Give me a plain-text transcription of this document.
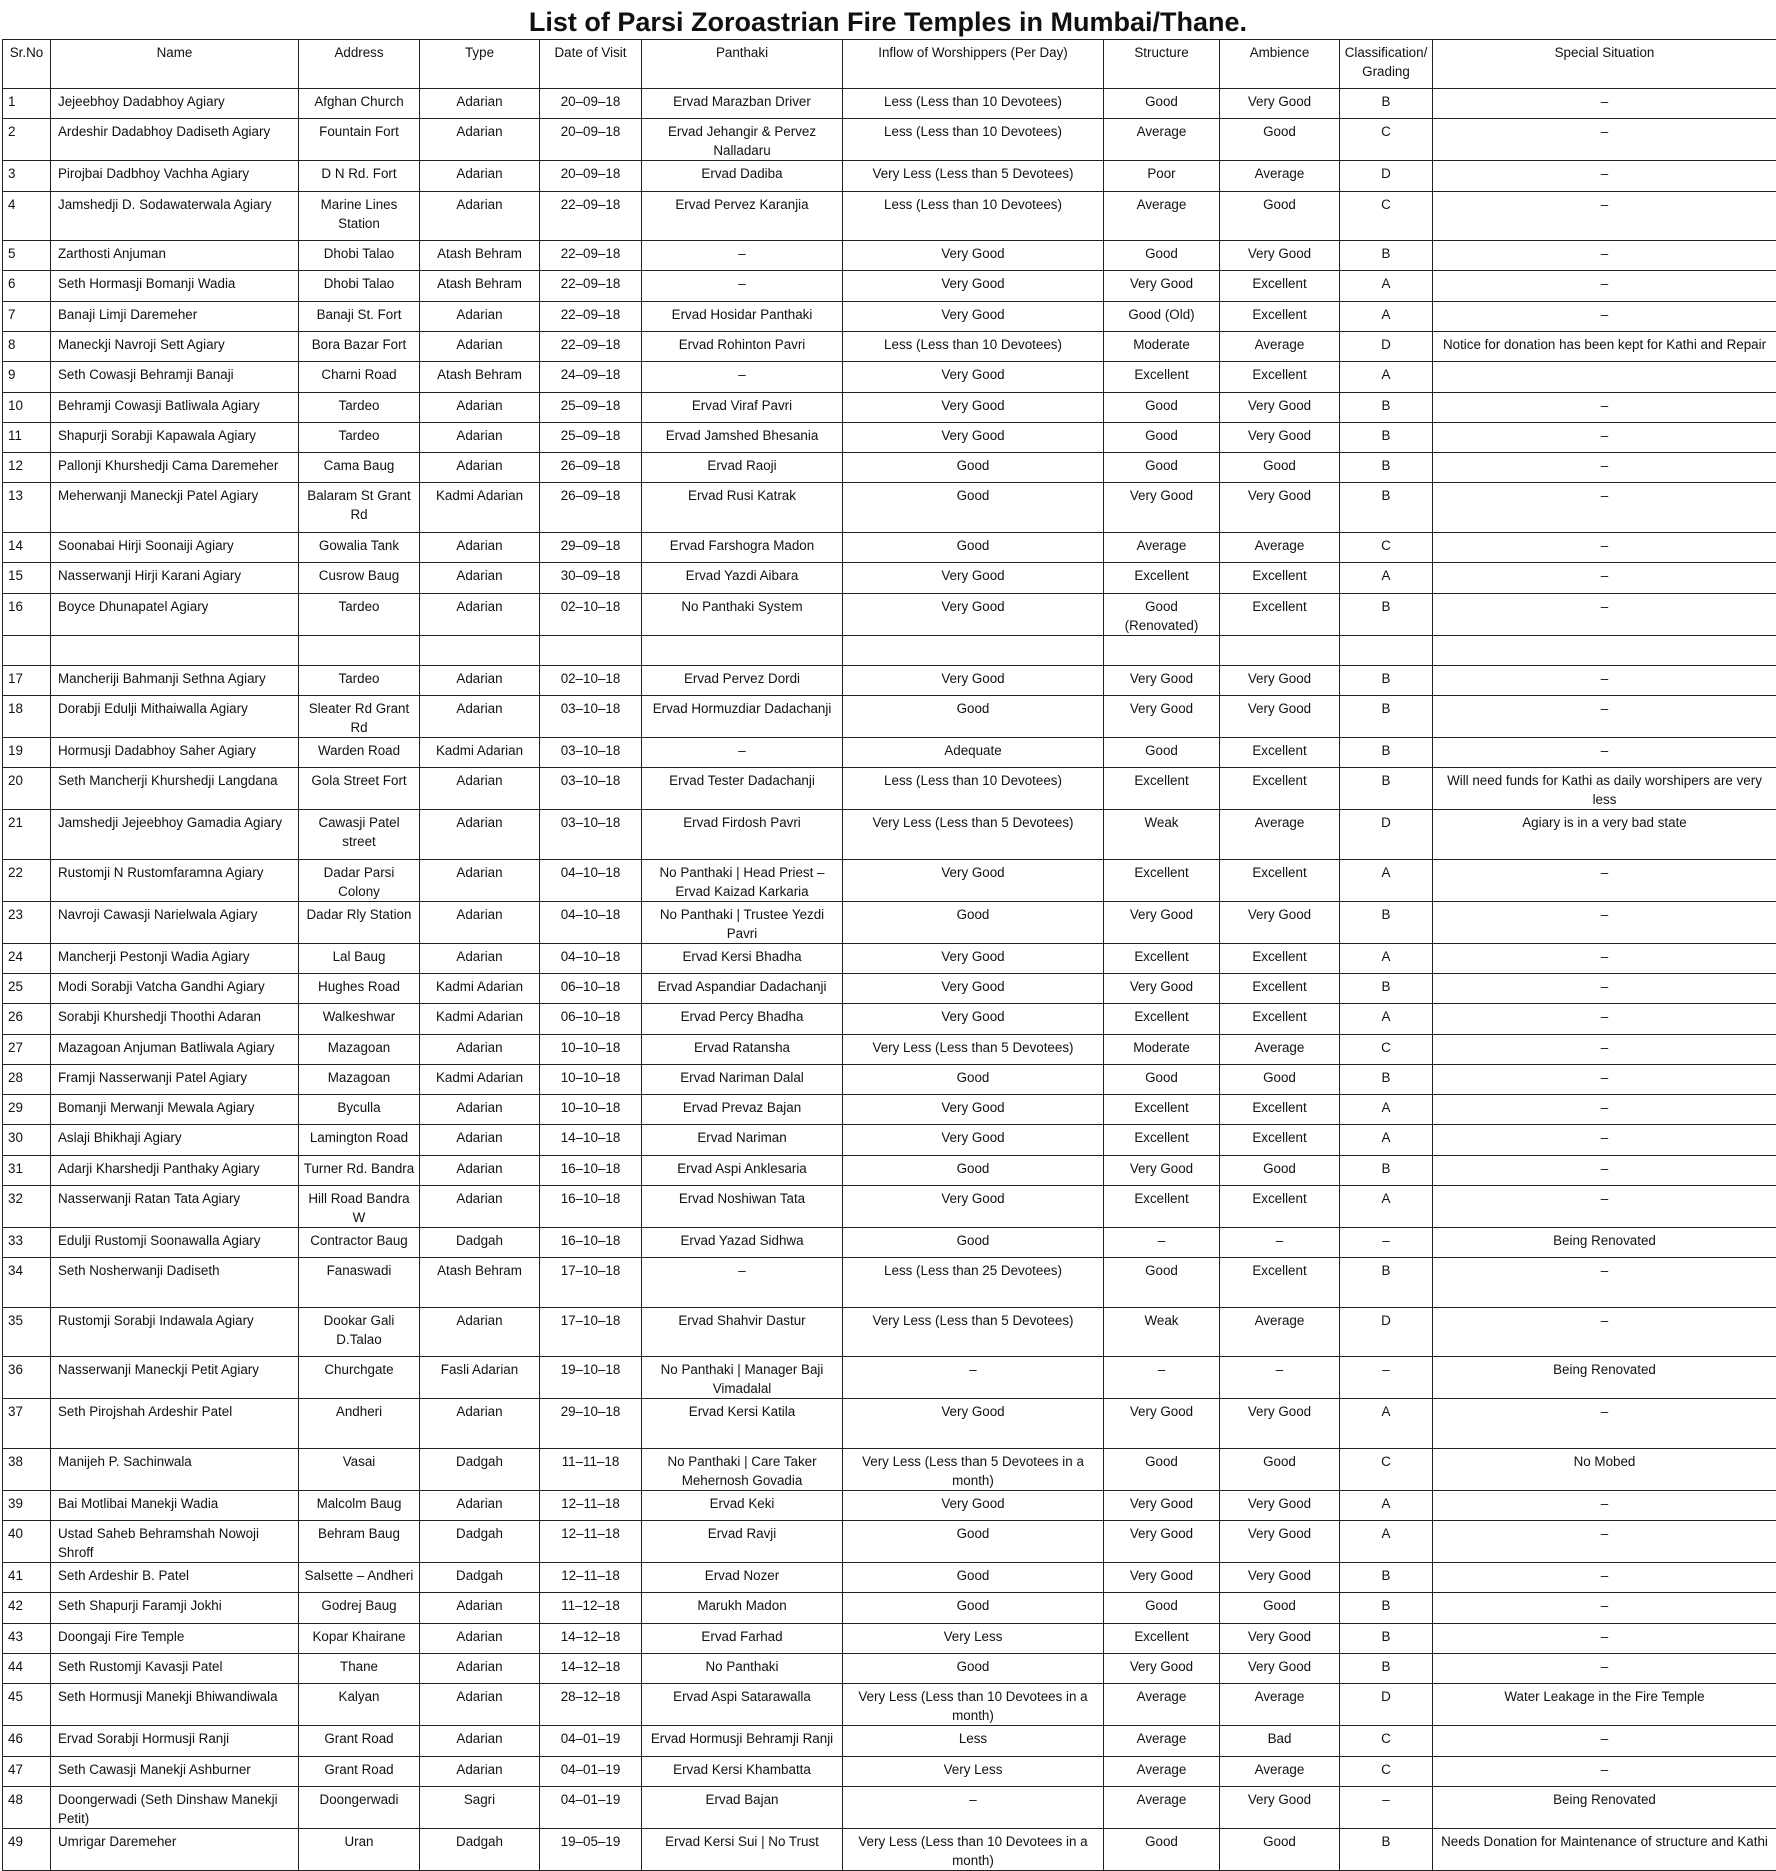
List of Parsi Zoroastrian Fire Temples in Mumbai/Thane.
Sr.No	Name	Address	Type	Date of Visit	Panthaki	Inflow of Worshippers (Per Day)	Structure	Ambience	Classification/ Grading	Special Situation
1	Jejeebhoy Dadabhoy Agiary	Afghan Church	Adarian	20–09–18	Ervad Marazban Driver	Less (Less than 10 Devotees)	Good	Very Good	B	–
2	Ardeshir Dadabhoy Dadiseth Agiary	Fountain Fort	Adarian	20–09–18	Ervad Jehangir & Pervez Nalladaru	Less (Less than 10 Devotees)	Average	Good	C	–
3	Pirojbai Dadbhoy Vachha Agiary	D N Rd. Fort	Adarian	20–09–18	Ervad Dadiba	Very Less (Less than 5 Devotees)	Poor	Average	D	–
4	Jamshedji D. Sodawaterwala Agiary	Marine Lines Station	Adarian	22–09–18	Ervad Pervez Karanjia	Less (Less than 10 Devotees)	Average	Good	C	–
5	Zarthosti Anjuman	Dhobi Talao	Atash Behram	22–09–18	–	Very Good	Good	Very Good	B	–
6	Seth Hormasji Bomanji Wadia	Dhobi Talao	Atash Behram	22–09–18	–	Very Good	Very Good	Excellent	A	–
7	Banaji Limji Daremeher	Banaji St. Fort	Adarian	22–09–18	Ervad Hosidar Panthaki	Very Good	Good (Old)	Excellent	A	–
8	Maneckji Navroji Sett Agiary	Bora Bazar Fort	Adarian	22–09–18	Ervad Rohinton Pavri	Less (Less than 10 Devotees)	Moderate	Average	D	Notice for donation has been kept for Kathi and Repair
9	Seth Cowasji Behramji Banaji	Charni Road	Atash Behram	24–09–18	–	Very Good	Excellent	Excellent	A	
10	Behramji Cowasji Batliwala Agiary	Tardeo	Adarian	25–09–18	Ervad Viraf Pavri	Very Good	Good	Very Good	B	–
11	Shapurji Sorabji Kapawala Agiary	Tardeo	Adarian	25–09–18	Ervad Jamshed Bhesania	Very Good	Good	Very Good	B	–
12	Pallonji Khurshedji Cama Daremeher	Cama Baug	Adarian	26–09–18	Ervad Raoji	Good	Good	Good	B	–
13	Meherwanji Maneckji Patel Agiary	Balaram St Grant Rd	Kadmi Adarian	26–09–18	Ervad Rusi Katrak	Good	Very Good	Very Good	B	–
14	Soonabai Hirji Soonaiji Agiary	Gowalia Tank	Adarian	29–09–18	Ervad Farshogra Madon	Good	Average	Average	C	–
15	Nasserwanji Hirji Karani Agiary	Cusrow Baug	Adarian	30–09–18	Ervad Yazdi Aibara	Very Good	Excellent	Excellent	A	–
16	Boyce Dhunapatel Agiary	Tardeo	Adarian	02–10–18	No Panthaki System	Very Good	Good (Renovated)	Excellent	B	–

17	Mancheriji Bahmanji Sethna Agiary	Tardeo	Adarian	02–10–18	Ervad Pervez Dordi	Very Good	Very Good	Very Good	B	–
18	Dorabji Edulji Mithaiwalla Agiary	Sleater Rd Grant Rd	Adarian	03–10–18	Ervad Hormuzdiar Dadachanji	Good	Very Good	Very Good	B	–
19	Hormusji Dadabhoy Saher Agiary	Warden Road	Kadmi Adarian	03–10–18	–	Adequate	Good	Excellent	B	–
20	Seth Mancherji Khurshedji Langdana	Gola Street Fort	Adarian	03–10–18	Ervad Tester Dadachanji	Less (Less than 10 Devotees)	Excellent	Excellent	B	Will need funds for Kathi as daily worshipers are very less
21	Jamshedji Jejeebhoy Gamadia Agiary	Cawasji Patel street	Adarian	03–10–18	Ervad Firdosh Pavri	Very Less (Less than 5 Devotees)	Weak	Average	D	Agiary is in a very bad state
22	Rustomji N Rustomfaramna Agiary	Dadar Parsi Colony	Adarian	04–10–18	No Panthaki | Head Priest – Ervad Kaizad Karkaria	Very Good	Excellent	Excellent	A	–
23	Navroji Cawasji Narielwala Agiary	Dadar Rly Station	Adarian	04–10–18	No Panthaki | Trustee Yezdi Pavri	Good	Very Good	Very Good	B	–
24	Mancherji Pestonji Wadia Agiary	Lal Baug	Adarian	04–10–18	Ervad Kersi Bhadha	Very Good	Excellent	Excellent	A	–
25	Modi Sorabji Vatcha Gandhi Agiary	Hughes Road	Kadmi Adarian	06–10–18	Ervad Aspandiar Dadachanji	Very Good	Very Good	Excellent	B	–
26	Sorabji Khurshedji Thoothi Adaran	Walkeshwar	Kadmi Adarian	06–10–18	Ervad Percy Bhadha	Very Good	Excellent	Excellent	A	–
27	Mazagoan Anjuman Batliwala Agiary	Mazagoan	Adarian	10–10–18	Ervad Ratansha	Very Less (Less than 5 Devotees)	Moderate	Average	C	–
28	Framji Nasserwanji Patel Agiary	Mazagoan	Kadmi Adarian	10–10–18	Ervad Nariman Dalal	Good	Good	Good	B	–
29	Bomanji Merwanji Mewala Agiary	Byculla	Adarian	10–10–18	Ervad Prevaz Bajan	Very Good	Excellent	Excellent	A	–
30	Aslaji Bhikhaji Agiary	Lamington Road	Adarian	14–10–18	Ervad Nariman	Very Good	Excellent	Excellent	A	–
31	Adarji Kharshedji Panthaky Agiary	Turner Rd. Bandra	Adarian	16–10–18	Ervad Aspi Anklesaria	Good	Very Good	Good	B	–
32	Nasserwanji Ratan Tata Agiary	Hill Road Bandra W	Adarian	16–10–18	Ervad Noshiwan Tata	Very Good	Excellent	Excellent	A	–
33	Edulji Rustomji Soonawalla Agiary	Contractor Baug	Dadgah	16–10–18	Ervad Yazad Sidhwa	Good	–	–	–	Being Renovated
34	Seth Nosherwanji Dadiseth	Fanaswadi	Atash Behram	17–10–18	–	Less (Less than 25 Devotees)	Good	Excellent	B	–
35	Rustomji Sorabji Indawala Agiary	Dookar Gali D.Talao	Adarian	17–10–18	Ervad Shahvir Dastur	Very Less (Less than 5 Devotees)	Weak	Average	D	–
36	Nasserwanji Maneckji Petit Agiary	Churchgate	Fasli Adarian	19–10–18	No Panthaki | Manager Baji Vimadalal	–	–	–	–	Being Renovated
37	Seth Pirojshah Ardeshir Patel	Andheri	Adarian	29–10–18	Ervad Kersi Katila	Very Good	Very Good	Very Good	A	–
38	Manijeh P. Sachinwala	Vasai	Dadgah	11–11–18	No Panthaki | Care Taker Mehernosh Govadia	Very Less (Less than 5 Devotees in a month)	Good	Good	C	No Mobed
39	Bai Motlibai Manekji Wadia	Malcolm Baug	Adarian	12–11–18	Ervad Keki	Very Good	Very Good	Very Good	A	–
40	Ustad Saheb Behramshah Nowoji Shroff	Behram Baug	Dadgah	12–11–18	Ervad Ravji	Good	Very Good	Very Good	A	–
41	Seth Ardeshir B. Patel	Salsette – Andheri	Dadgah	12–11–18	Ervad Nozer	Good	Very Good	Very Good	B	–
42	Seth Shapurji Faramji Jokhi	Godrej Baug	Adarian	11–12–18	Marukh Madon	Good	Good	Good	B	–
43	Doongaji Fire Temple	Kopar Khairane	Adarian	14–12–18	Ervad Farhad	Very Less	Excellent	Very Good	B	–
44	Seth Rustomji Kavasji Patel	Thane	Adarian	14–12–18	No Panthaki	Good	Very Good	Very Good	B	–
45	Seth Hormusji Manekji Bhiwandiwala	Kalyan	Adarian	28–12–18	Ervad Aspi Satarawalla	Very Less (Less than 10 Devotees in a month)	Average	Average	D	Water Leakage in the Fire Temple
46	Ervad Sorabji Hormusji Ranji	Grant Road	Adarian	04–01–19	Ervad Hormusji Behramji Ranji	Less	Average	Bad	C	–
47	Seth Cawasji Manekji Ashburner	Grant Road	Adarian	04–01–19	Ervad Kersi Khambatta	Very Less	Average	Average	C	–
48	Doongerwadi (Seth Dinshaw Manekji Petit)	Doongerwadi	Sagri	04–01–19	Ervad Bajan	–	Average	Very Good	–	Being Renovated
49	Umrigar Daremeher	Uran	Dadgah	19–05–19	Ervad Kersi Sui | No Trust	Very Less (Less than 10 Devotees in a month)	Good	Good	B	Needs Donation for Maintenance of structure and Kathi
